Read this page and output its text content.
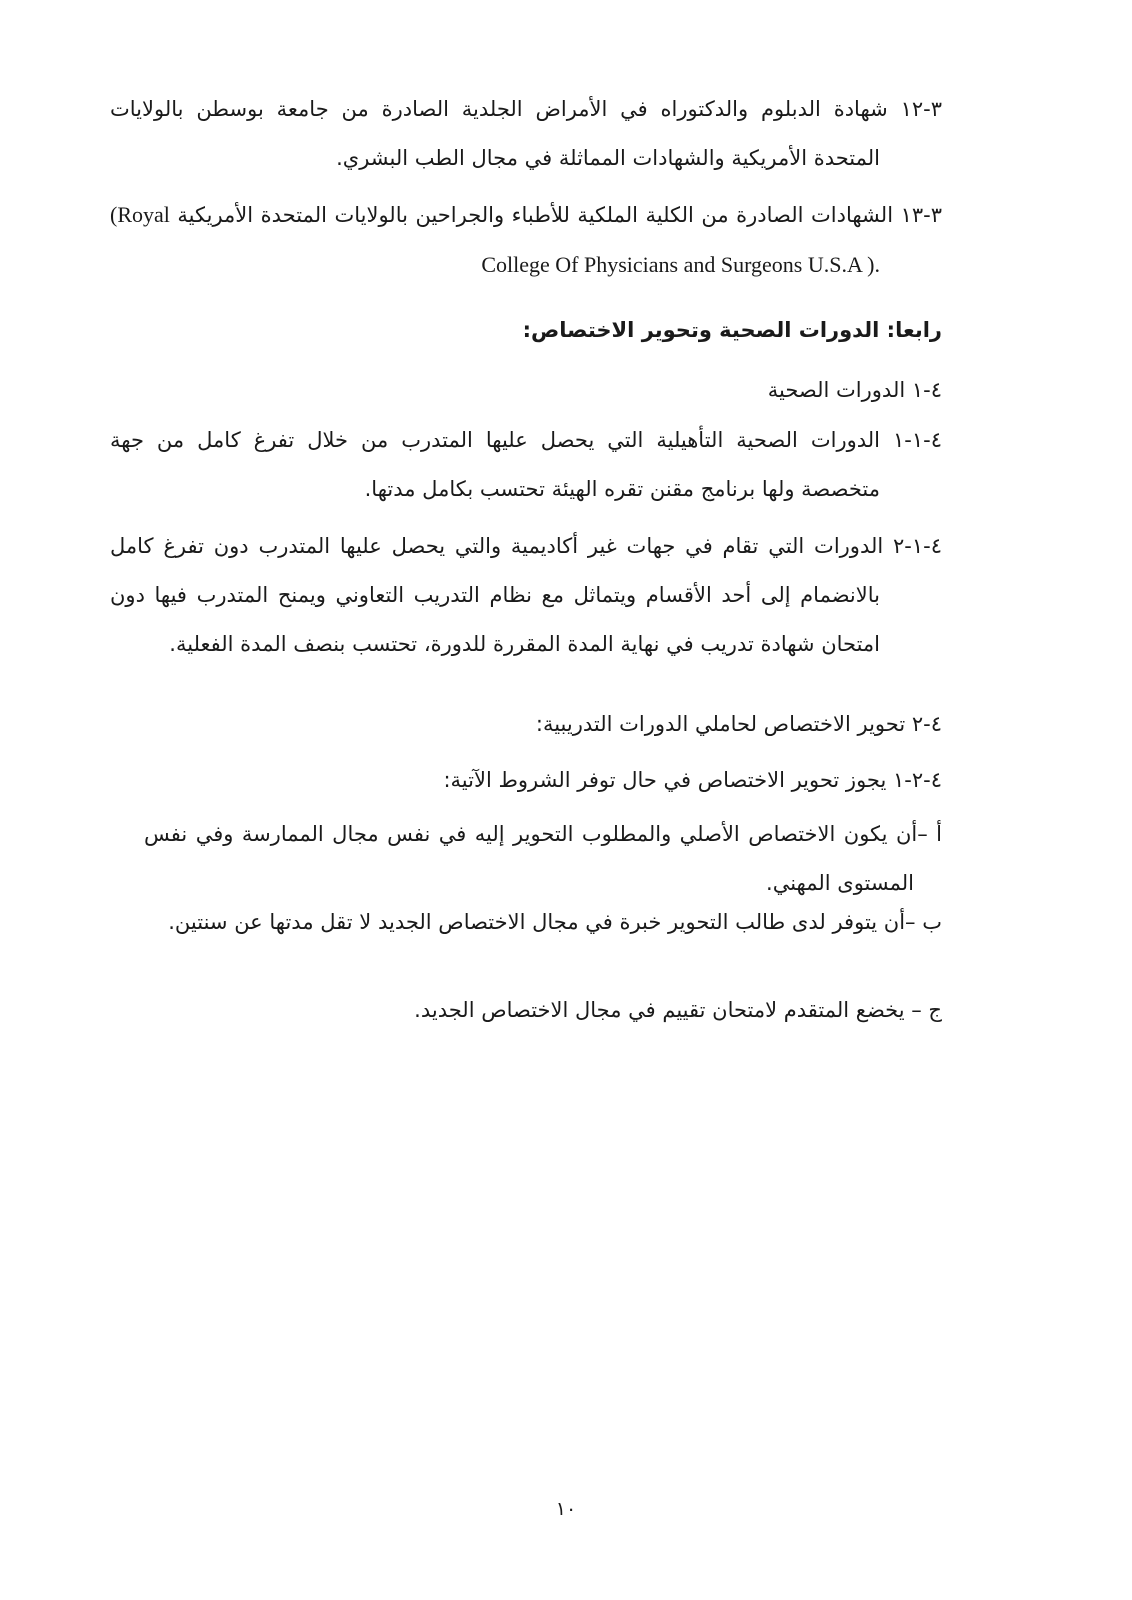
٣-١٢ شهادة الدبلوم والدكتوراه في الأمراض الجلدية الصادرة من جامعة بوسطن بالولايات المتحدة الأمريكية والشهادات المماثلة في مجال الطب البشري.

٣-١٣ الشهادات الصادرة من الكلية الملكية للأطباء والجراحين بالولايات المتحدة الأمريكية (Royal College Of Physicians and Surgeons U.S.A ).

رابعا: الدورات الصحية وتحوير الاختصاص:

٤-١ الدورات الصحية

٤-١-١ الدورات الصحية التأهيلية التي يحصل عليها المتدرب من خلال تفرغ كامل من جهة متخصصة ولها برنامج مقنن تقره الهيئة تحتسب بكامل مدتها.

٤-١-٢ الدورات التي تقام في جهات غير أكاديمية والتي يحصل عليها المتدرب دون تفرغ كامل بالانضمام إلى أحد الأقسام ويتماثل مع نظام التدريب التعاوني ويمنح المتدرب فيها دون امتحان شهادة تدريب في نهاية المدة المقررة للدورة، تحتسب بنصف المدة الفعلية.

٤-٢ تحوير الاختصاص لحاملي الدورات التدريبية:

٤-٢-١ يجوز تحوير الاختصاص في حال توفر الشروط الآتية:

أ –أن يكون الاختصاص الأصلي والمطلوب التحوير إليه في نفس مجال الممارسة وفي نفس المستوى المهني.

ب –أن يتوفر لدى طالب التحوير خبرة في مجال الاختصاص الجديد لا تقل مدتها عن سنتين.

ج – يخضع المتقدم لامتحان تقييم في مجال الاختصاص الجديد.

١٠
